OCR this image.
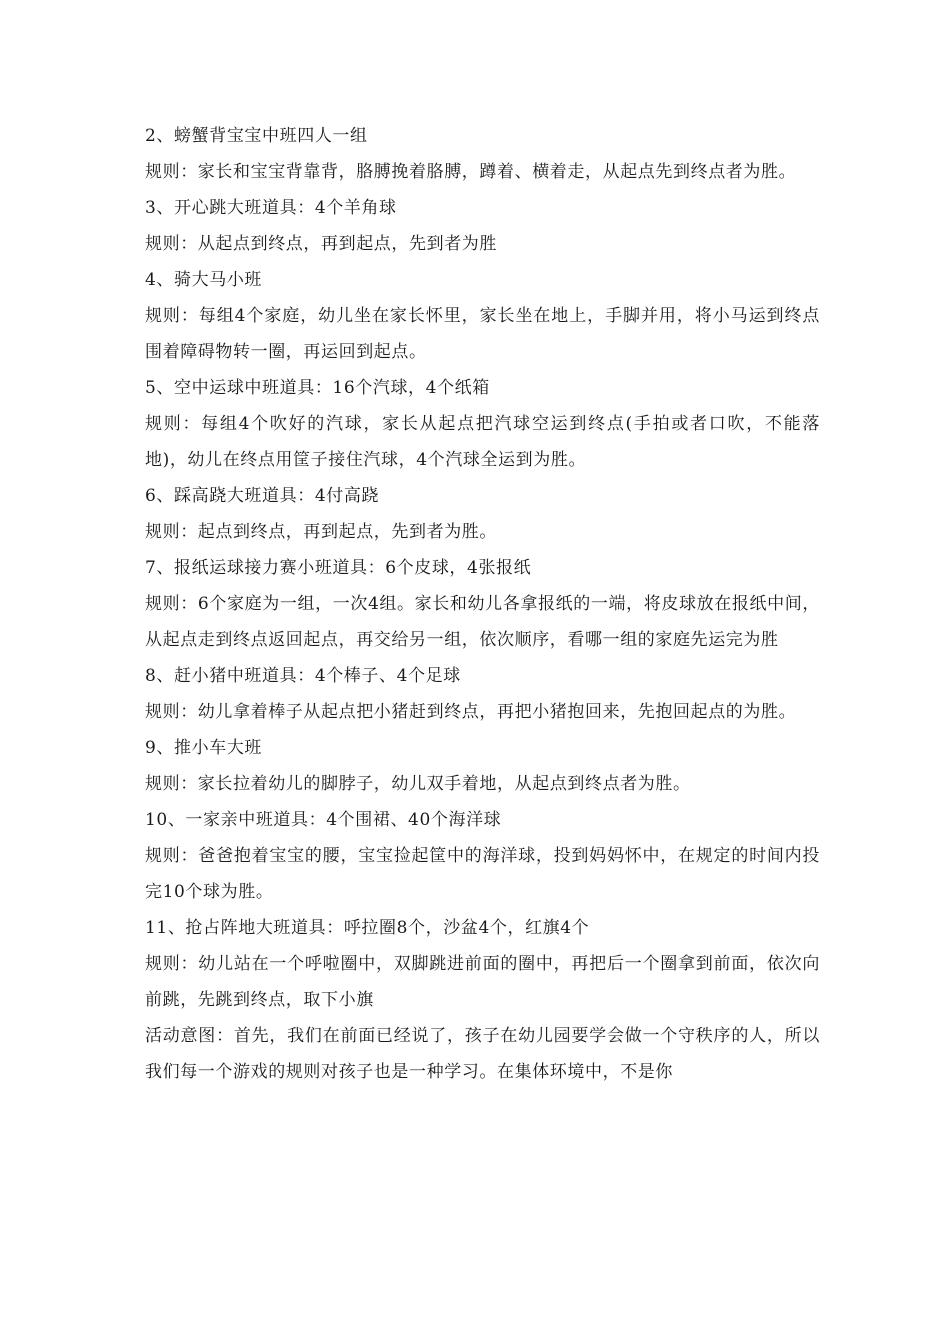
2、螃蟹背宝宝中班四人一组
规则：家长和宝宝背靠背，胳膊挽着胳膊，蹲着、横着走，从起点先到终点者为胜。
3、开心跳大班道具：4个羊角球
规则：从起点到终点，再到起点，先到者为胜
4、骑大马小班
规则：每组4个家庭，幼儿坐在家长怀里，家长坐在地上，手脚并用，将小马运到终点围着障碍物转一圈，再运回到起点。
5、空中运球中班道具：16个汽球，4个纸箱
规则：每组4个吹好的汽球，家长从起点把汽球空运到终点(手拍或者口吹，不能落地)，幼儿在终点用筐子接住汽球，4个汽球全运到为胜。
6、踩高跷大班道具：4付高跷
规则：起点到终点，再到起点，先到者为胜。
7、报纸运球接力赛小班道具：6个皮球，4张报纸
规则：6个家庭为一组，一次4组。家长和幼儿各拿报纸的一端，将皮球放在报纸中间，从起点走到终点返回起点，再交给另一组，依次顺序，看哪一组的家庭先运完为胜
8、赶小猪中班道具：4个棒子、4个足球
规则：幼儿拿着棒子从起点把小猪赶到终点，再把小猪抱回来，先抱回起点的为胜。
9、推小车大班
规则：家长拉着幼儿的脚脖子，幼儿双手着地，从起点到终点者为胜。
10、一家亲中班道具：4个围裙、40个海洋球
规则：爸爸抱着宝宝的腰，宝宝捡起筐中的海洋球，投到妈妈怀中，在规定的时间内投完10个球为胜。
11、抢占阵地大班道具：呼拉圈8个，沙盆4个，红旗4个
规则：幼儿站在一个呼啦圈中，双脚跳进前面的圈中，再把后一个圈拿到前面，依次向前跳，先跳到终点，取下小旗
活动意图：首先，我们在前面已经说了，孩子在幼儿园要学会做一个守秩序的人，所以我们每一个游戏的规则对孩子也是一种学习。在集体环境中，不是你
